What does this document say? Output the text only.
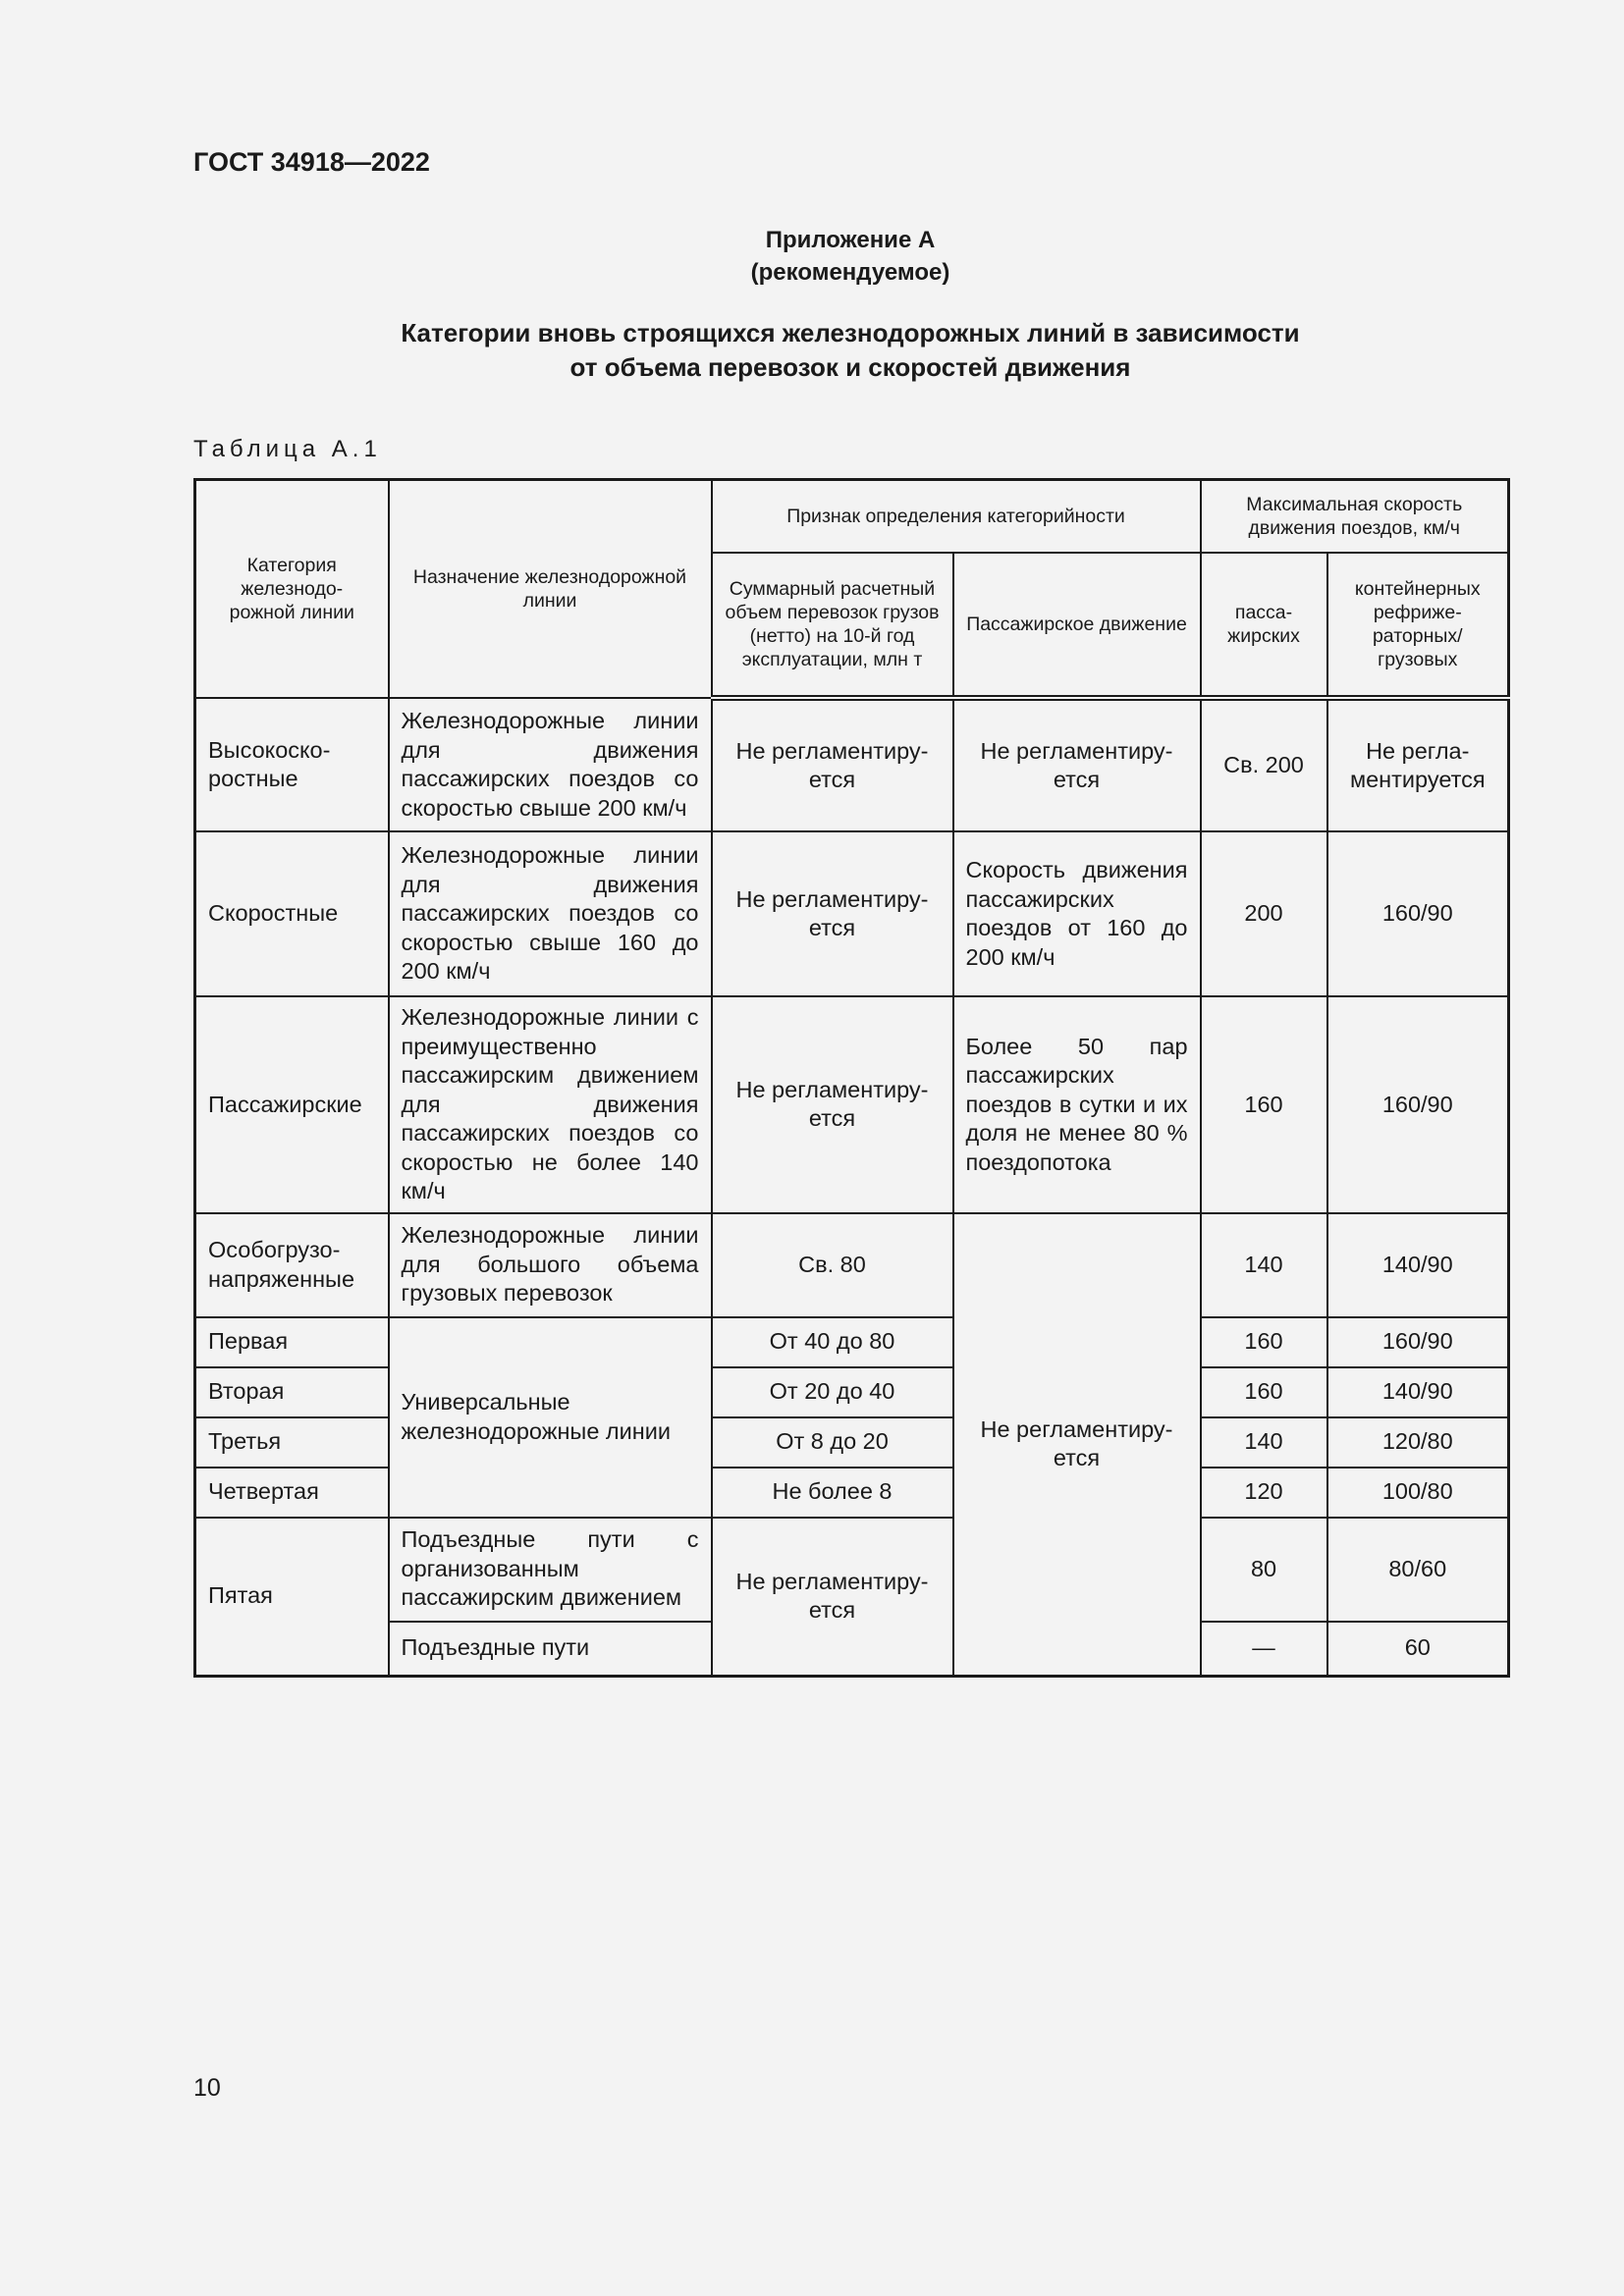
ГОСТ 34918—2022
Приложение А
(рекомендуемое)
Категории вновь строящихся железнодорожных линий в зависимости
от объема перевозок и скоростей движения
Таблица А.1
Категория железнодо-рожной линии	Назначение железнодорожной линии	Признак определения категорийности		Максимальная скорость движения поездов, км/ч	
		Суммарный расчетный объем перевозок грузов (нетто) на 10-й год эксплуатации, млн т	Пассажирское движение	пасса-жирских	контейнерных рефриже-раторных/ грузовых
Высокоско-ростные	Железнодорожные линии для движения пассажирских поездов со скоростью свыше 200 км/ч	Не регламентиру-ется	Не регламентиру-ется	Св. 200	Не регла-ментируется
Скоростные	Железнодорожные линии для движения пассажирских поездов со скоростью свыше 160 до 200 км/ч	Не регламентиру-ется	Скорость движения пассажирских поездов от 160 до 200 км/ч	200	160/90
Пассажирские	Железнодорожные линии с преимущественно пассажирским движением для движения пассажирских поездов со скоростью не более 140 км/ч	Не регламентиру-ется	Более 50 пар пассажирских поездов в сутки и их доля не менее 80 % поездопотока	160	160/90
Особогрузо-напряженные	Железнодорожные линии для большого объема грузовых перевозок	Св. 80	Не регламентиру-ется	140	140/90
Первая	Универсальные железнодорожные линии	От 40 до 80		160	160/90
Вторая		От 20 до 40		160	140/90
Третья		От 8 до 20		140	120/80
Четвертая		Не более 8		120	100/80
Пятая	Подъездные пути с организованным пассажирским движением	Не регламентиру-ется		80	80/60
	Подъездные пути			—	60
10
